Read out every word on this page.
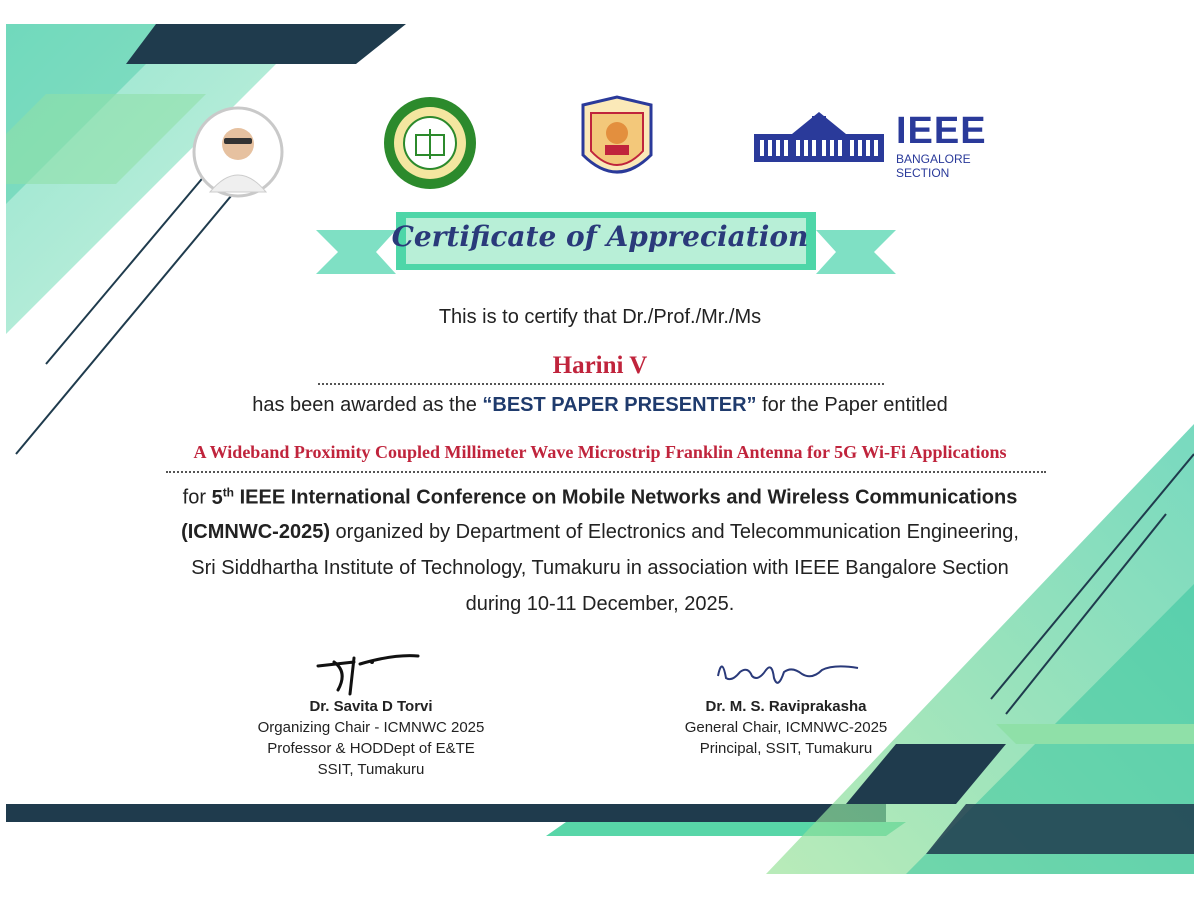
IEEE
BANGALORE SECTION
Certificate of Appreciation
This is to certify that Dr./Prof./Mr./Ms
Harini V
has been awarded as the “BEST PAPER PRESENTER” for the Paper entitled
A Wideband Proximity Coupled Millimeter Wave Microstrip Franklin Antenna for 5G Wi-Fi Applications
for 5th IEEE International Conference on Mobile Networks and Wireless Communications
(ICMNWC-2025) organized by Department of Electronics and Telecommunication Engineering,
Sri Siddhartha Institute of Technology, Tumakuru in association with IEEE Bangalore Section
during 10-11 December, 2025.
Dr. Savita D Torvi
Organizing Chair - ICMNWC 2025
Professor & HODDept of E&TE
SSIT, Tumakuru
Dr. M. S. Raviprakasha
General Chair, ICMNWC-2025
Principal, SSIT, Tumakuru
